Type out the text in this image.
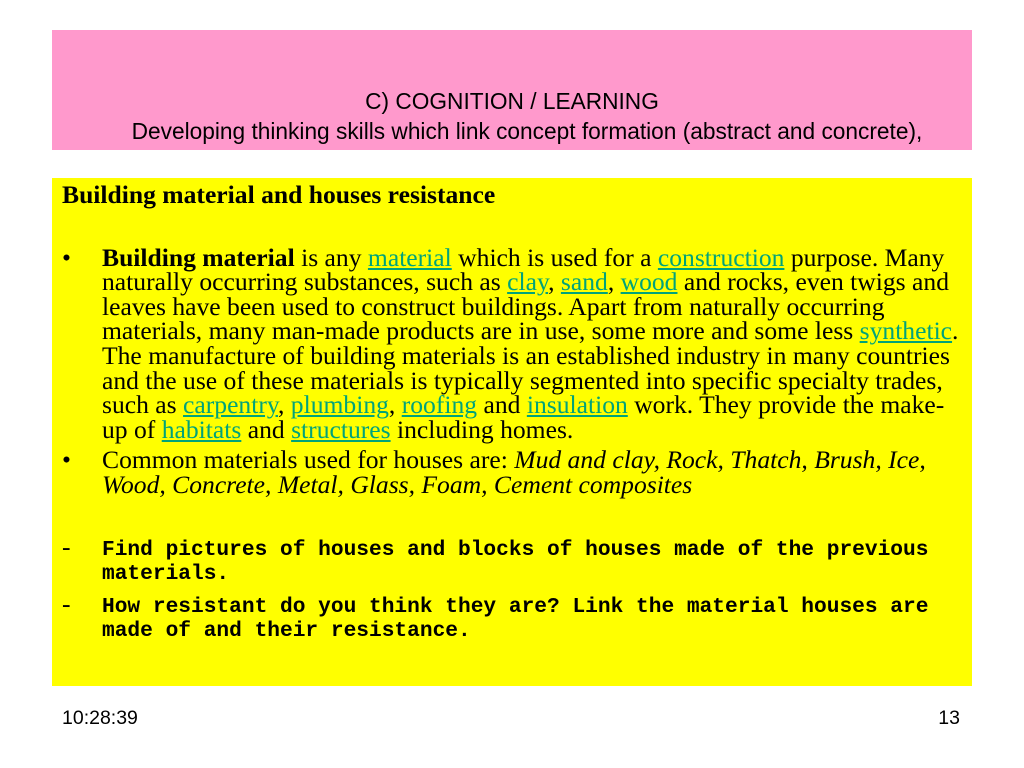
C) COGNITION / LEARNING
Developing thinking skills which link concept formation (abstract and concrete),
Building material and houses resistance
•	Building material is any material which is used for a construction purpose. Many naturally occurring substances, such as clay, sand, wood and rocks, even twigs and leaves have been used to construct buildings. Apart from naturally occurring materials, many man-made products are in use, some more and some less synthetic. The manufacture of building materials is an established industry in many countries and the use of these materials is typically segmented into specific specialty trades, such as carpentry, plumbing, roofing and insulation work. They provide the make-up of habitats and structures including homes.
•	Common materials used for houses are: Mud and clay, Rock, Thatch, Brush, Ice, Wood, Concrete, Metal, Glass, Foam, Cement composites
-	Find pictures of houses and blocks of houses made of the previous materials.
-	How resistant do you think they are? Link the material houses are made of and their resistance.
10:28:39	13
